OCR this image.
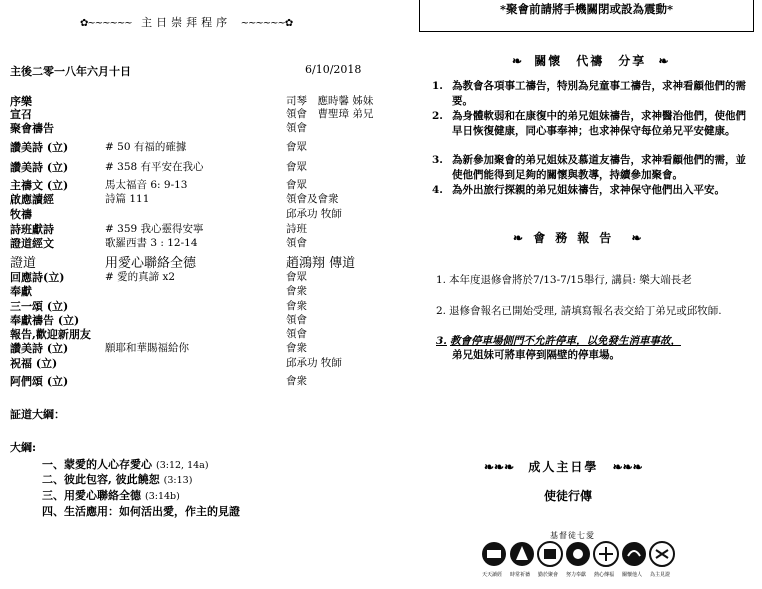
✿~~~~~~ 主日崇拜程序 ~~~~~~✿
主後二零一八年六月十日	6/10/2018
序樂	司琴　應時馨 姊妹
宣召	領會　曹聖璋 弟兄
聚會禱告	領會
讚美詩 (立)	# 50 有福的確據	會眾
讚美詩 (立)	# 358 有平安在我心	會眾
主禱文 (立)	馬太福音 6: 9-13	會眾
啟應讀經	詩篇 111	領會及會衆
牧禱	邱承功 牧師
詩班獻詩	# 359 我心靈得安寧	詩班
證道經文	歌羅西書 3 : 12-14	領會
證道	用愛心聯絡全德	趙鴻翔 傳道
回應詩(立)	# 愛的真諦 x2	會眾
奉獻	會衆
三一頌 (立)	會衆
奉獻禱告 (立)	領會
報告,歡迎新朋友	領會
讚美詩 (立)	願耶和華賜福給你	會衆
祝福 (立)	邱承功 牧師
阿們頌 (立)	會衆
証道大綱：
大綱:
一、蒙愛的人心存愛心 (3:12, 14a)
二、彼此包容, 彼此饒恕 (3:13)
三、用愛心聯絡全德 (3:14b)
四、生活應用：如何活出愛，作主的見證
*聚會前請將手機關閉或設為震動*
❧ 關懷　代禱　分享 ❧
1. 為教會各項事工禱告，特別為兒童事工禱告，求神看顧他們的需要。
2. 為身體軟弱和在康復中的弟兄姐妹禱告，求神醫治他們，使他們早日恢復健康，同心事奉神；也求神保守每位弟兄平安健康。
3. 為新參加聚會的弟兄姐妹及慕道友禱告，求神看顧他們的需，並使他們能得到足夠的關懷與教導，持續參加聚會。
4. 為外出旅行探親的弟兄姐妹禱告，求神保守他們出入平安。
❧ 會務報告 ❧
1. 本年度退修會將於7/13-7/15舉行, 講員: 樂大端長老
2. 退修會報名已開始受理, 請填寫報名表交給丁弟兄或邱牧師.
3. 教會停車場側門不允許停車，以免發生消車事故，
弟兄姐妹可將車停到隔壁的停車場。
❧❧❧ 成人主日學 ❧❧❧
使徒行傳
基督徒七愛
天天讀經 時常祈禱 勤於聚會 努力奉獻 熱心傳福 關懷他人 為主見證
